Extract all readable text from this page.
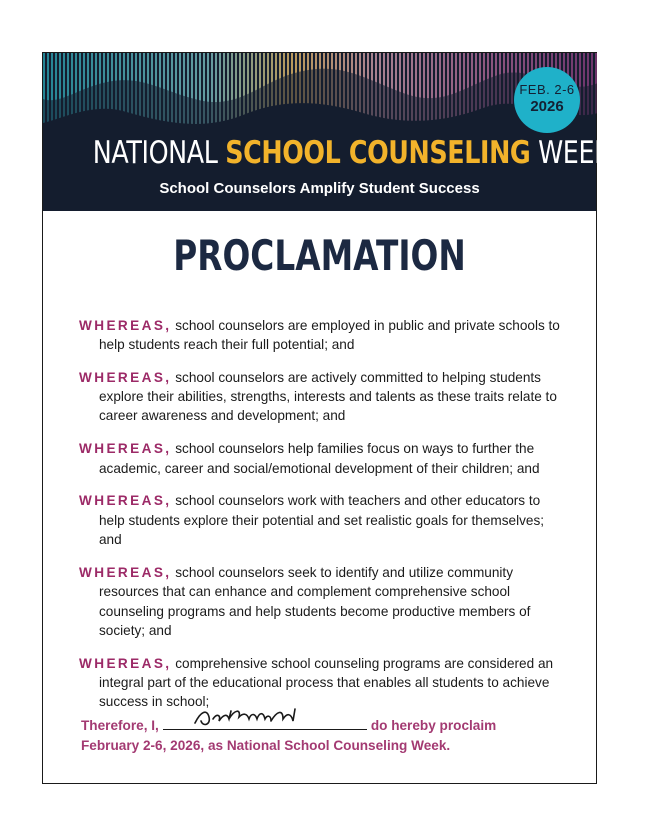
FEB. 2-6
2026
NATIONAL SCHOOL COUNSELING WEEK
School Counselors Amplify Student Success
PROCLAMATION

WHEREAS, school counselors are employed in public and private schools to help students reach their full potential; and

WHEREAS, school counselors are actively committed to helping students explore their abilities, strengths, interests and talents as these traits relate to career awareness and development; and

WHEREAS, school counselors help families focus on ways to further the academic, career and social/emotional development of their children; and

WHEREAS, school counselors work with teachers and other educators to help students explore their potential and set realistic goals for themselves; and

WHEREAS, school counselors seek to identify and utilize community resources that can enhance and complement comprehensive school counseling programs and help students become productive members of society; and

WHEREAS, comprehensive school counseling programs are considered an integral part of the educational process that enables all students to achieve success in school;

Therefore, I,	do hereby proclaim
February 2-6, 2026, as National School Counseling Week.
